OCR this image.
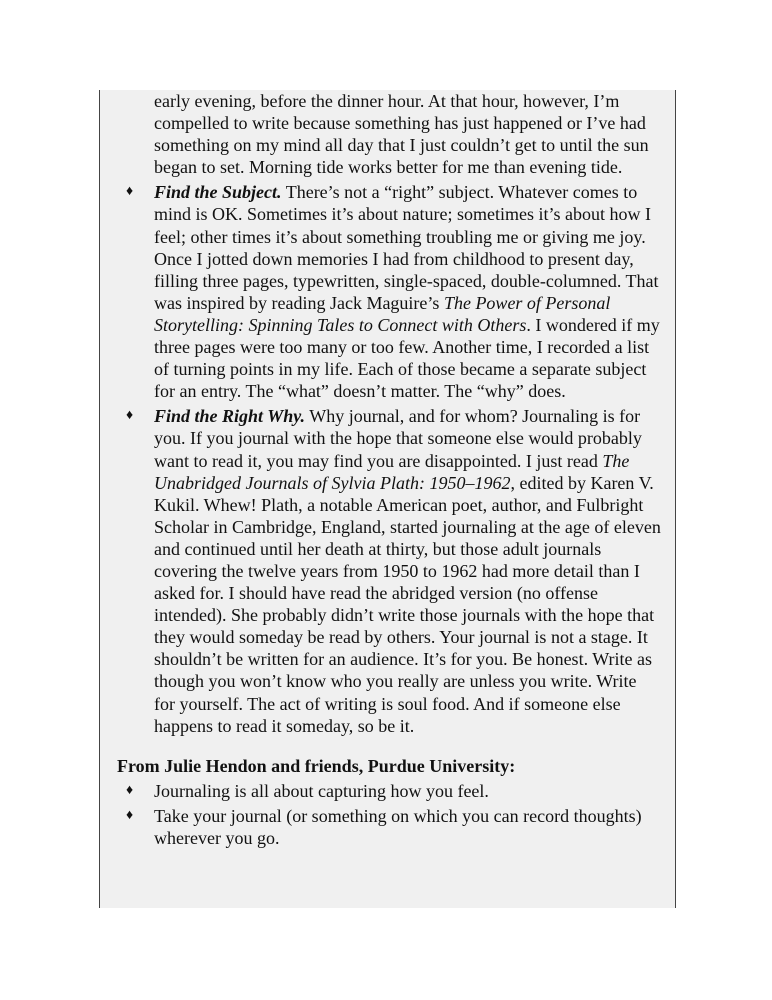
early evening, before the dinner hour. At that hour, however, I’m compelled to write because something has just happened or I’ve had something on my mind all day that I just couldn’t get to until the sun began to set. Morning tide works better for me than evening tide.

♦ Find the Subject. There’s not a “right” subject. Whatever comes to mind is OK. Sometimes it’s about nature; sometimes it’s about how I feel; other times it’s about something troubling me or giving me joy. Once I jotted down memories I had from childhood to present day, filling three pages, typewritten, single-spaced, double-columned. That was inspired by reading Jack Maguire’s The Power of Personal Storytelling: Spinning Tales to Connect with Others. I wondered if my three pages were too many or too few. Another time, I recorded a list of turning points in my life. Each of those became a separate subject for an entry. The “what” doesn’t matter. The “why” does.

♦ Find the Right Why. Why journal, and for whom? Journaling is for you. If you journal with the hope that someone else would probably want to read it, you may find you are disappointed. I just read The Unabridged Journals of Sylvia Plath: 1950–1962, edited by Karen V. Kukil. Whew! Plath, a notable American poet, author, and Fulbright Scholar in Cambridge, England, started journaling at the age of eleven and continued until her death at thirty, but those adult journals covering the twelve years from 1950 to 1962 had more detail than I asked for. I should have read the abridged version (no offense intended). She probably didn’t write those journals with the hope that they would someday be read by others. Your journal is not a stage. It shouldn’t be written for an audience. It’s for you. Be honest. Write as though you won’t know who you really are unless you write. Write for yourself. The act of writing is soul food. And if someone else happens to read it someday, so be it.

From Julie Hendon and friends, Purdue University:

♦ Journaling is all about capturing how you feel.

♦ Take your journal (or something on which you can record thoughts) wherever you go.
